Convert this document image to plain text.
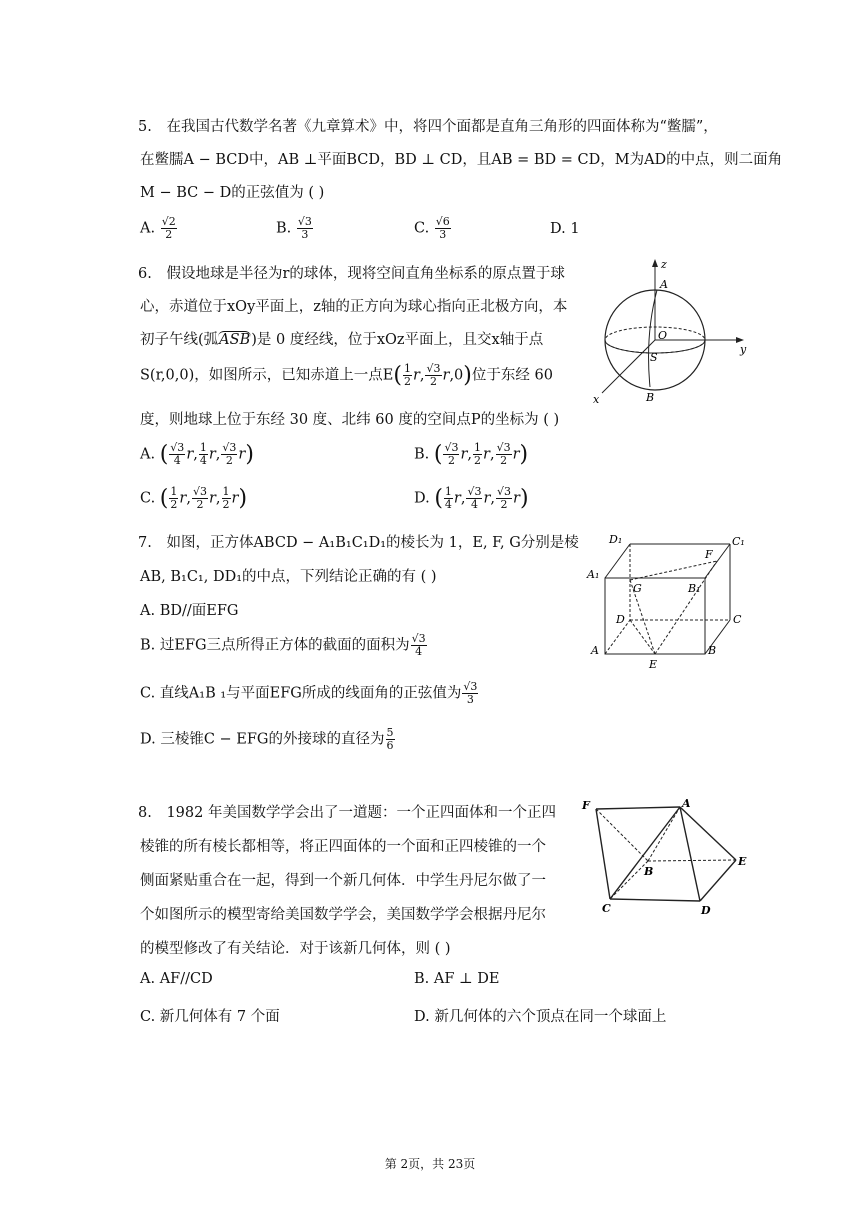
5. 在我国古代数学名著《九章算术》中，将四个面都是直角三角形的四面体称为“鳖臑”，
在鳖臑A − BCD中，AB ⊥平面BCD，BD ⊥ CD，且AB = BD = CD，M为AD的中点，则二面角
M − BC − D的正弦值为 ( )
A. $\frac{√2}{2}$	B. $\frac{√3}{3}$	C. $\frac{√6}{3}$	D. 1
6. 假设地球是半径为r的球体，现将空间直角坐标系的原点置于球
心，赤道位于xOy平面上，z轴的正方向为球心指向正北极方向，本
初子午线(弧ASB)是 0 度经线，位于xOz平面上，且交x轴于点
S(r,0,0)，如图所示，已知赤道上一点$E( \frac{1}{2} r$, $\frac{√3}{2} r,0$)位于东经 60
度，则地球上位于东经 30 度、北纬 60 度的空间点P的坐标为 ( )
A. ( $\frac{√3}{4} r$, $\frac{1}{4} r$, $\frac{√3}{2} r$)	B. ( $\frac{√3}{2} r$, $\frac{1}{2} r$, $\frac{√3}{2} r$)
C. ( $\frac{1}{2} r$, $\frac{√3}{2} r$, $\frac{1}{2} r$)	D. ( $\frac{1}{4} r$, $\frac{√3}{4} r$, $\frac{√3}{2} r$)
z
y
x
A
O
S
B
7. 如图，正方体ABCD − A₁B₁C₁D₁的棱长为 1，E, F, G分别是棱
AB, B₁C₁, DD₁的中点，下列结论正确的有 ( )
A. BD//面EFG
B. 过EFG三点所得正方体的截面的面积为 $\frac{√3}{4}$
C. 直线A₁B ₁与平面EFG所成的线面角的正弦值为 $\frac{√3}{3}$
D. 三棱锥C − EFG的外接球的直径为 $\frac{5}{6}$
D₁	C₁
F
A₁
G	B₁
D	C
A
E
B
8. 1982 年美国数学学会出了一道题：一个正四面体和一个正四
棱锥的所有棱长都相等，将正四面体的一个面和正四棱锥的一个
侧面紧贴重合在一起，得到一个新几何体．中学生丹尼尔做了一
个如图所示的模型寄给美国数学学会，美国数学学会根据丹尼尔
的模型修改了有关结论．对于该新几何体，则 ( )
A. AF//CD	B. AF ⊥ DE
C. 新几何体有 7 个面	D. 新几何体的六个顶点在同一个球面上
F	A
B
E
C	D
第 2页，共 23页
